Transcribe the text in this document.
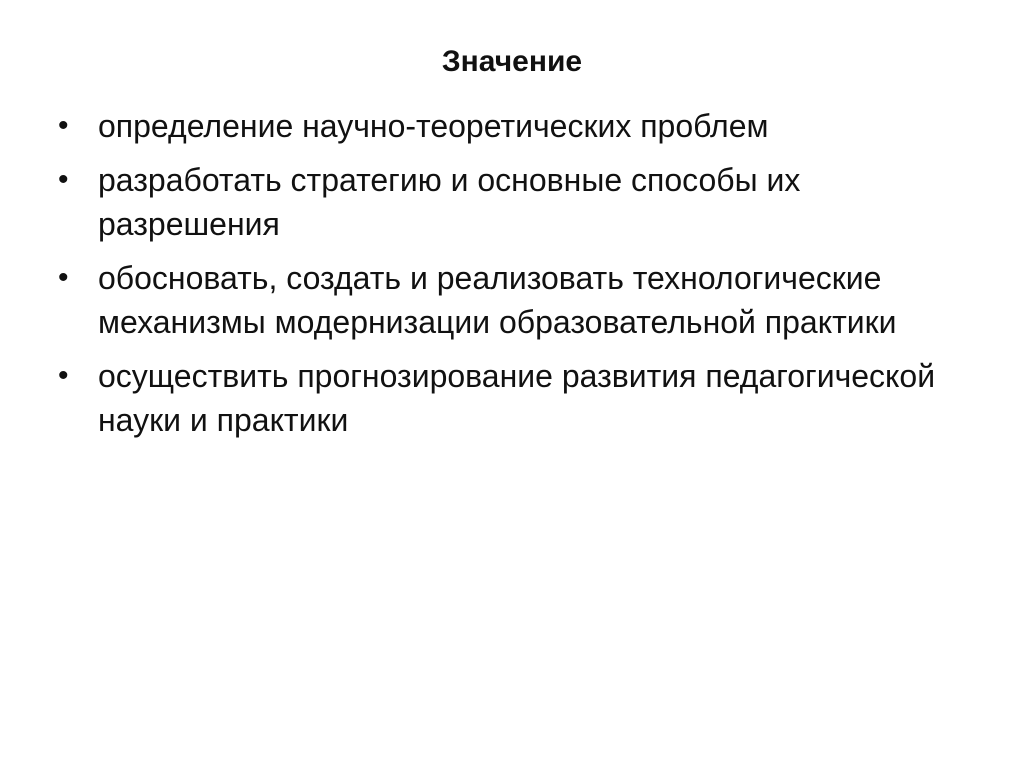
Значение
• определение научно-теоретических проблем
• разработать стратегию и основные способы их разрешения
• обосновать, создать и реализовать технологические механизмы модернизации образовательной практики
• осуществить прогнозирование развития педагогической науки и практики
